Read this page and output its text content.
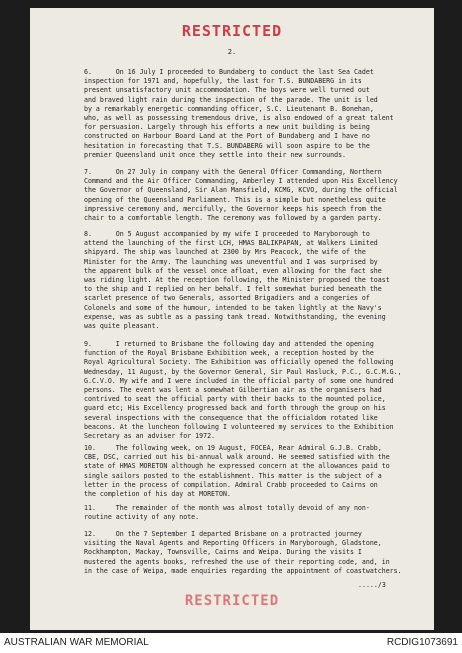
RESTRICTED
2.
6.      On 16 July I proceeded to Bundaberg to conduct the last Sea Cadet
inspection for 1971 and, hopefully, the last for T.S. BUNDABERG in its
present unsatisfactory unit accommodation. The boys were well turned out
and braved light rain during the inspection of the parade. The unit is led
by a remarkably energetic commanding officer, S.C. Lieutenant B. Bonehan,
who, as well as possessing tremendous drive, is also endowed of a great talent
for persuasion. Largely through his efforts a new unit building is being
constructed on Harbour Board Land at the Port of Bundaberg and I have no
hesitation in forecasting that T.S. BUNDABERG will soon aspire to be the
premier Queensland unit once they settle into their new surrounds.
7.      On 27 July in company with the General Officer Commanding, Northern
Command and the Air Officer Commanding, Amberley I attended upon His Excellency
the Governor of Queensland, Sir Alan Mansfield, KCMG, KCVO, during the official
opening of the Queensland Parliament. This is a simple but nonetheless quite
impressive ceremony and, mercifully, the Governor keeps his speech from the
chair to a comfortable length. The ceremony was followed by a garden party.
8.      On 5 August accompanied by my wife I proceeded to Maryborough to
attend the launching of the first LCH, HMAS BALIKPAPAN, at Walkers Limited
shipyard. The ship was launched at 2300 by Mrs Peacock, the wife of the
Minister for the Army. The launching was uneventful and I was surprised by
the apparent bulk of the vessel once afloat, even allowing for the fact she
was riding light. At the reception following, the Minister proposed the toast
to the ship and I replied on her behalf. I felt somewhat buried beneath the
scarlet presence of two Generals, assorted Brigadiers and a congeries of
Colonels and some of the humour, intended to be taken lightly at the Navy's
expense, was as subtle as a passing tank tread. Notwithstanding, the evening
was quite pleasant.
9.      I returned to Brisbane the following day and attended the opening
function of the Royal Brisbane Exhibition week, a reception hosted by the
Royal Agricultural Society. The Exhibition was officially opened the following
Wednesday, 11 August, by the Governor General, Sir Paul Hasluck, P.C., G.C.M.G.,
G.C.V.O. My wife and I were included in the official party of some one hundred
persons. The event was lent a somewhat Gilbertian air as the organisers had
contrived to seat the official party with their backs to the mounted police,
guard etc; His Excellency progressed back and forth through the group on his
several inspections with the consequence that the officialdom rotated like
beacons. At the luncheon following I volunteered my services to the Exhibition
Secretary as an adviser for 1972.
10.     The following week, on 19 August, FOCEA, Rear Admiral G.J.B. Crabb,
CBE, DSC, carried out his bi-annual walk around. He seemed satisfied with the
state of HMAS MORETON although he expressed concern at the allowances paid to
single sailors posted to the establishment. This matter is the subject of a
letter in the process of compilation. Admiral Crabb proceeded to Cairns on
the completion of his day at MORETON.
11.     The remainder of the month was almost totally devoid of any non-
routine activity of any note.
12.     On the 7 September I departed Brisbane on a protracted journey
visiting the Naval Agents and Reporting Officers in Maryborough, Gladstone,
Rockhampton, Mackay, Townsville, Cairns and Weipa. During the visits I
mustered the agents books, refreshed the use of their reporting code, and, in
in the case of Weipa, made enquiries regarding the appointment of coastwatchers.
...../3
RESTRICTED
AUSTRALIAN WAR MEMORIAL	RCDIG1073691
